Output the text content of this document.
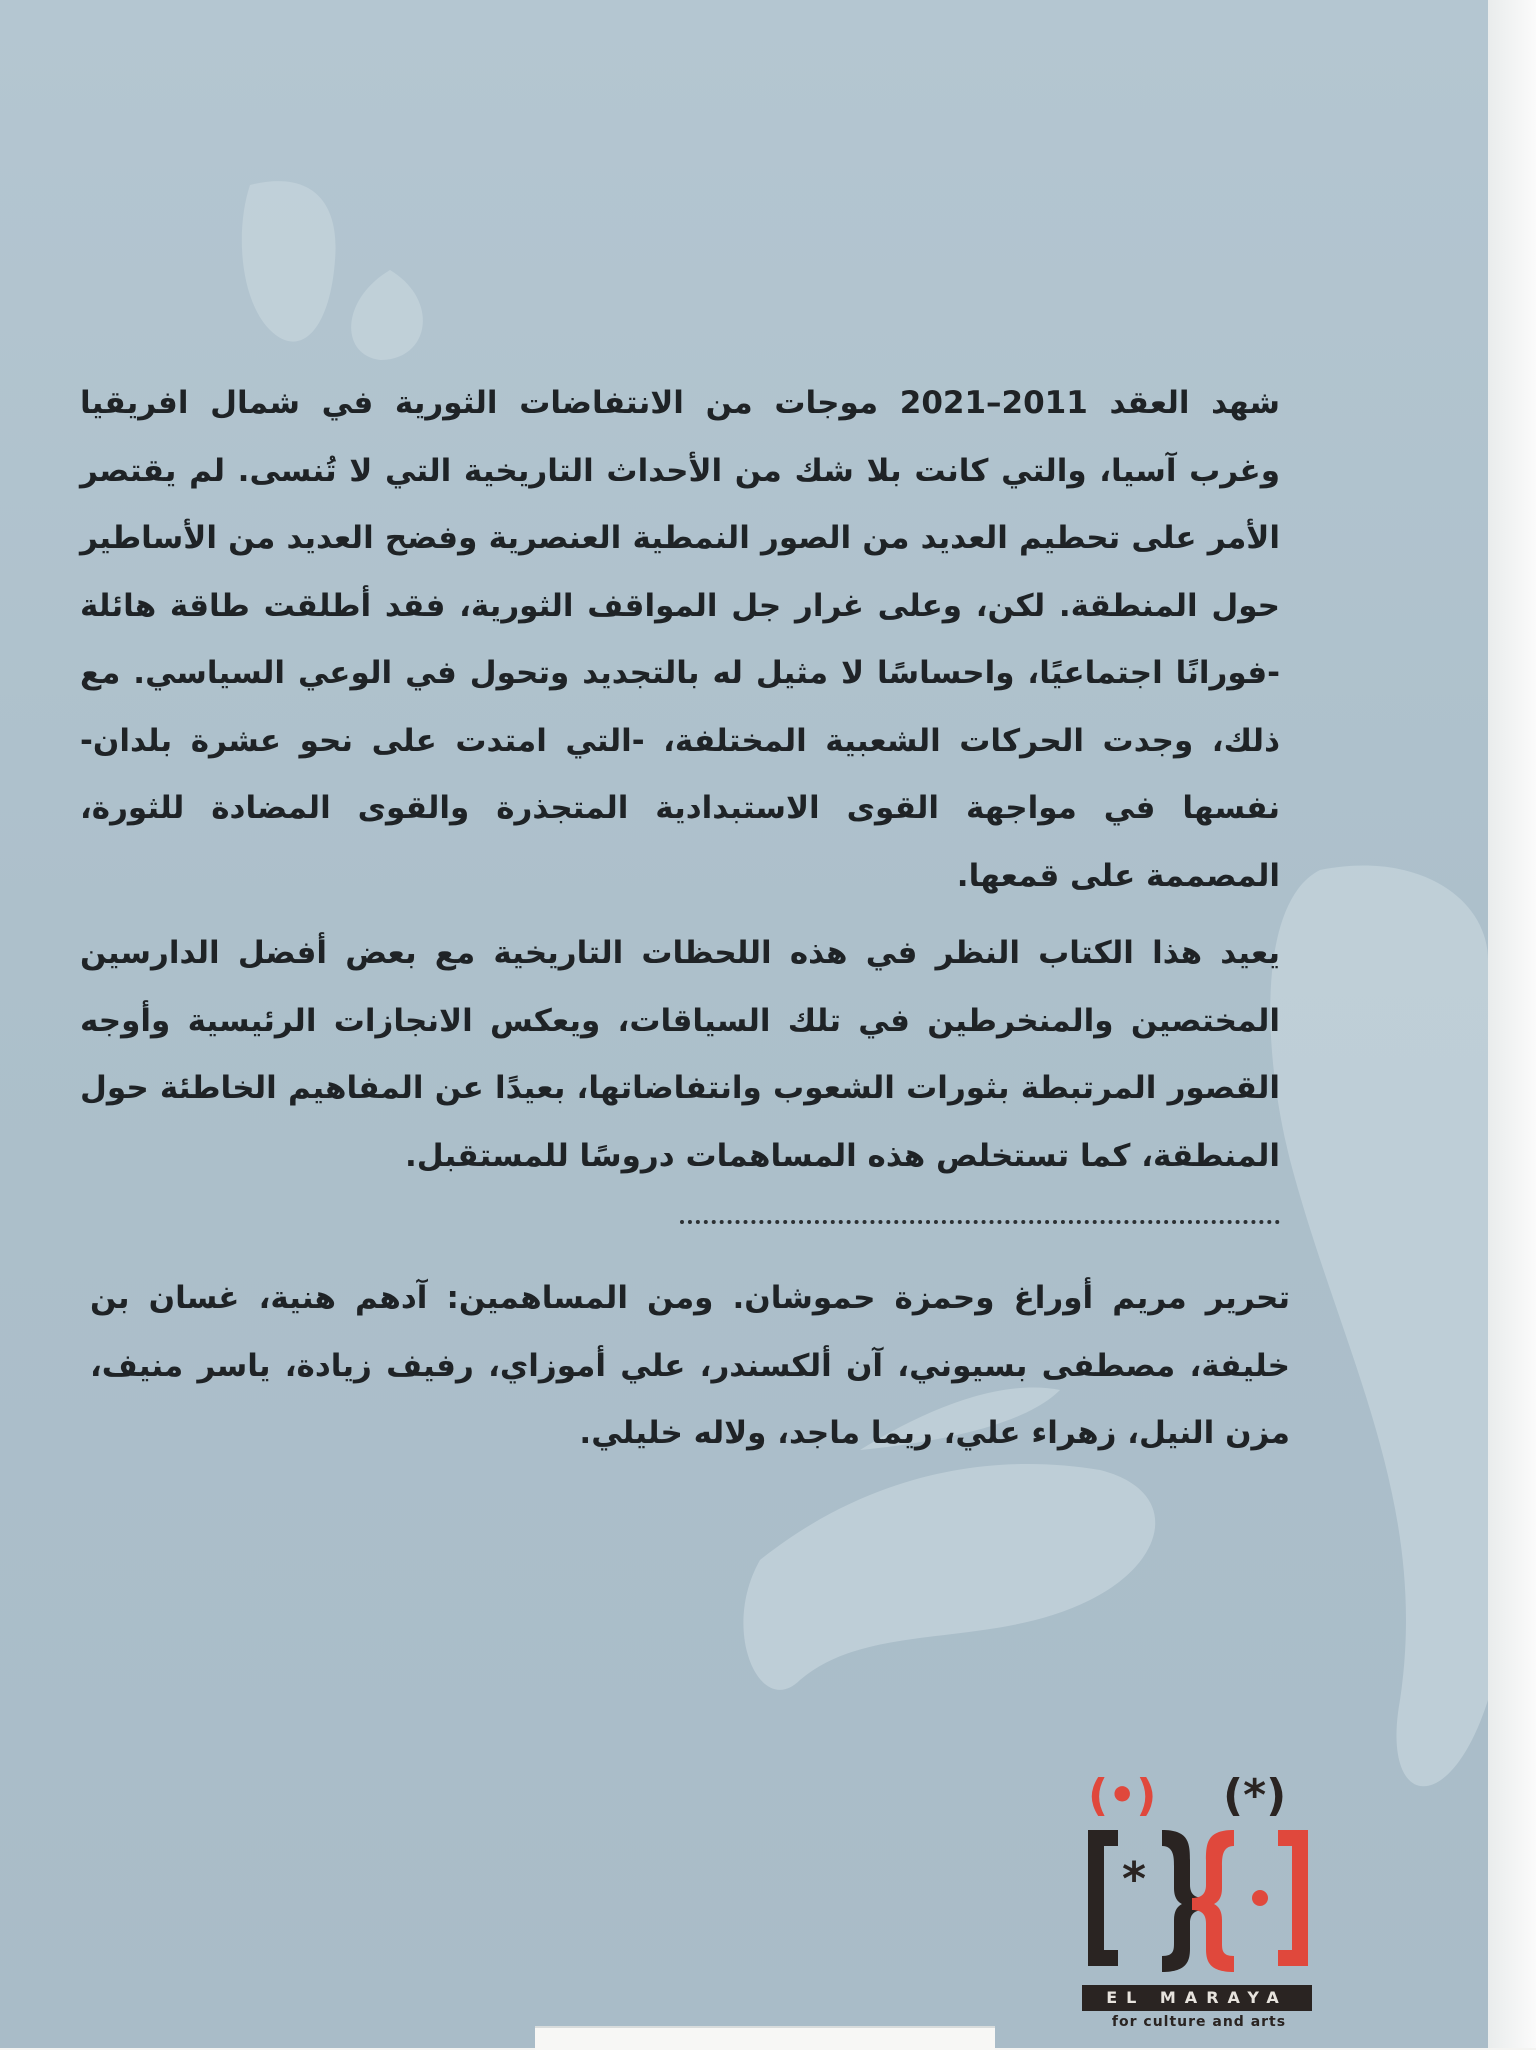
شهد العقد 2011–2021 موجات من الانتفاضات الثورية في شمال افريقيا وغرب آسيا، والتي كانت بلا شك من الأحداث التاريخية التي لا تُنسى. لم يقتصر الأمر على تحطيم العديد من الصور النمطية العنصرية وفضح العديد من الأساطير حول المنطقة. لكن، وعلى غرار جل المواقف الثورية، فقد أطلقت طاقة هائلة -فورانًا اجتماعيًا، واحساسًا لا مثيل له بالتجديد وتحول في الوعي السياسي. مع ذلك، وجدت الحركات الشعبية المختلفة، -التي امتدت على نحو عشرة بلدان- نفسها في مواجهة القوى الاستبدادية المتجذرة والقوى المضادة للثورة، المصممة على قمعها.

يعيد هذا الكتاب النظر في هذه اللحظات التاريخية مع بعض أفضل الدارسين المختصين والمنخرطين في تلك السياقات، ويعكس الانجازات الرئيسية وأوجه القصور المرتبطة بثورات الشعوب وانتفاضاتها، بعيدًا عن المفاهيم الخاطئة حول المنطقة، كما تستخلص هذه المساهمات دروسًا للمستقبل.

تحرير مريم أوراغ وحمزة حموشان. ومن المساهمين: آدهم هنية، غسان بن خليفة، مصطفى بسيوني، آن ألكسندر، علي أموزاي، رفيف زيادة، ياسر منيف، مزن النيل، زهراء علي، ريما ماجد، ولاله خليلي.

(•) (*)
*
EL MARAYA
for culture and arts
